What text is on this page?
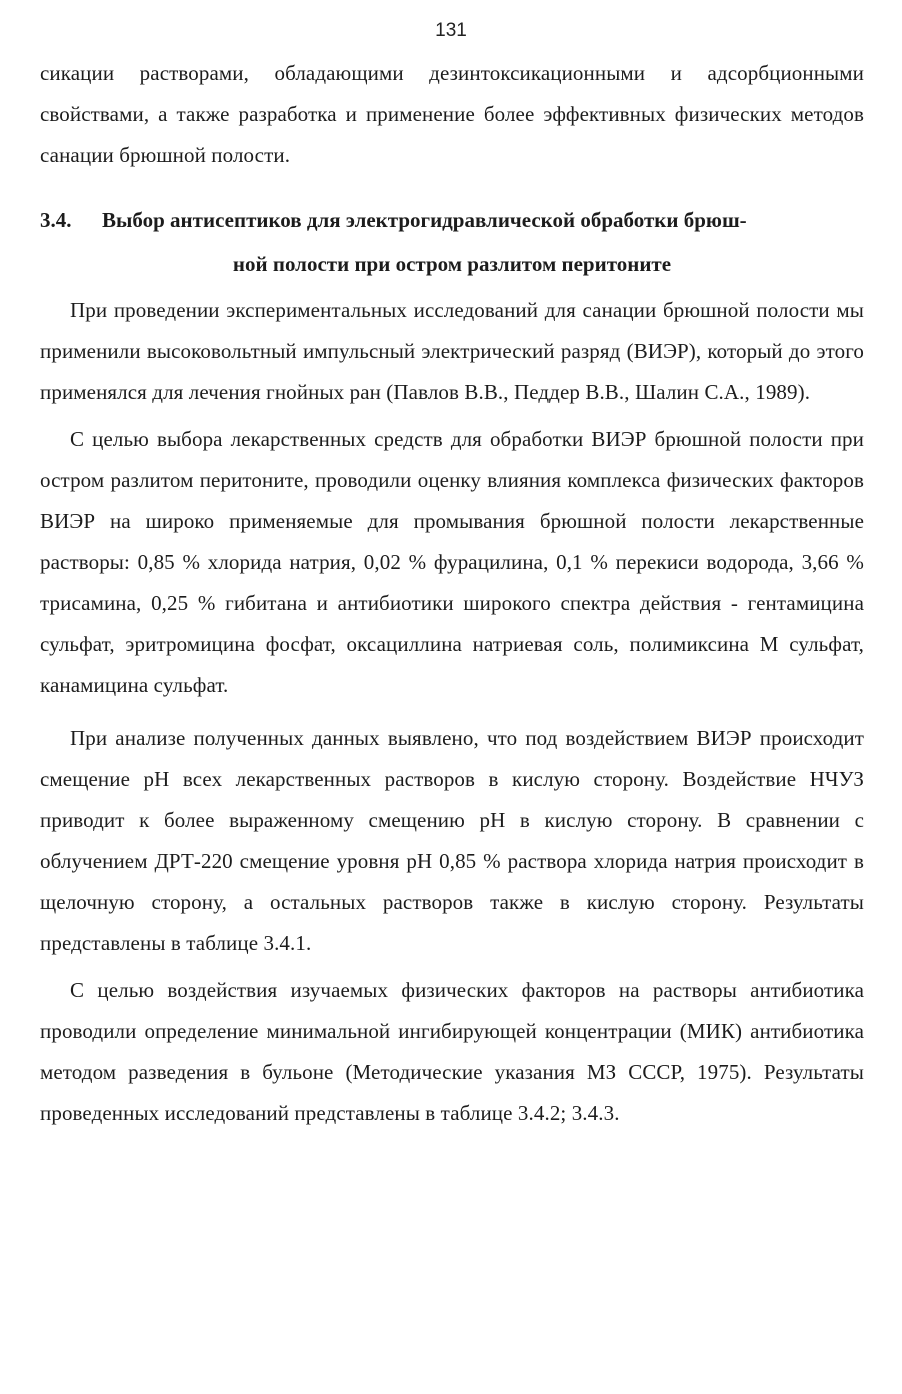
131
сикации растворами, обладающими дезинтоксикационными и адсорбционными свойствами, а также разработка и применение более эффективных физических методов санации брюшной полости.
3.4. Выбор антисептиков для электрогидравлической обработки брюш-
ной полости при остром разлитом перитоните

При проведении экспериментальных исследований для санации брюшной полости мы применили высоковольтный импульсный электрический разряд (ВИЭР), который до этого применялся для лечения гнойных ран (Павлов В.В., Педдер В.В., Шалин С.А., 1989).

С целью выбора лекарственных средств для обработки ВИЭР брюшной полости при остром разлитом перитоните, проводили оценку влияния комплекса физических факторов ВИЭР на широко применяемые для промывания брюшной полости лекарственные растворы: 0,85 % хлорида натрия, 0,02 % фурацилина, 0,1 % перекиси водорода, 3,66 % трисамина, 0,25 % гибитана и антибиотики широкого спектра действия - гентамицина сульфат, эритромицина фосфат, оксациллина натриевая соль, полимиксина М сульфат, канамицина сульфат.

При анализе полученных данных выявлено, что под воздействием ВИЭР происходит смещение pH всех лекарственных растворов в кислую сторону. Воздействие НЧУЗ приводит к более выраженному смещению pH в кислую сторону. В сравнении с облучением ДРТ-220 смещение уровня pH 0,85 % раствора хлорида натрия происходит в щелочную сторону, а остальных растворов также в кислую сторону. Результаты представлены в таблице 3.4.1.

С целью воздействия изучаемых физических факторов на растворы антибиотика проводили определение минимальной ингибирующей концентрации (МИК) антибиотика методом разведения в бульоне (Методические указания МЗ СССР, 1975). Результаты проведенных исследований представлены в таблице 3.4.2; 3.4.3.
